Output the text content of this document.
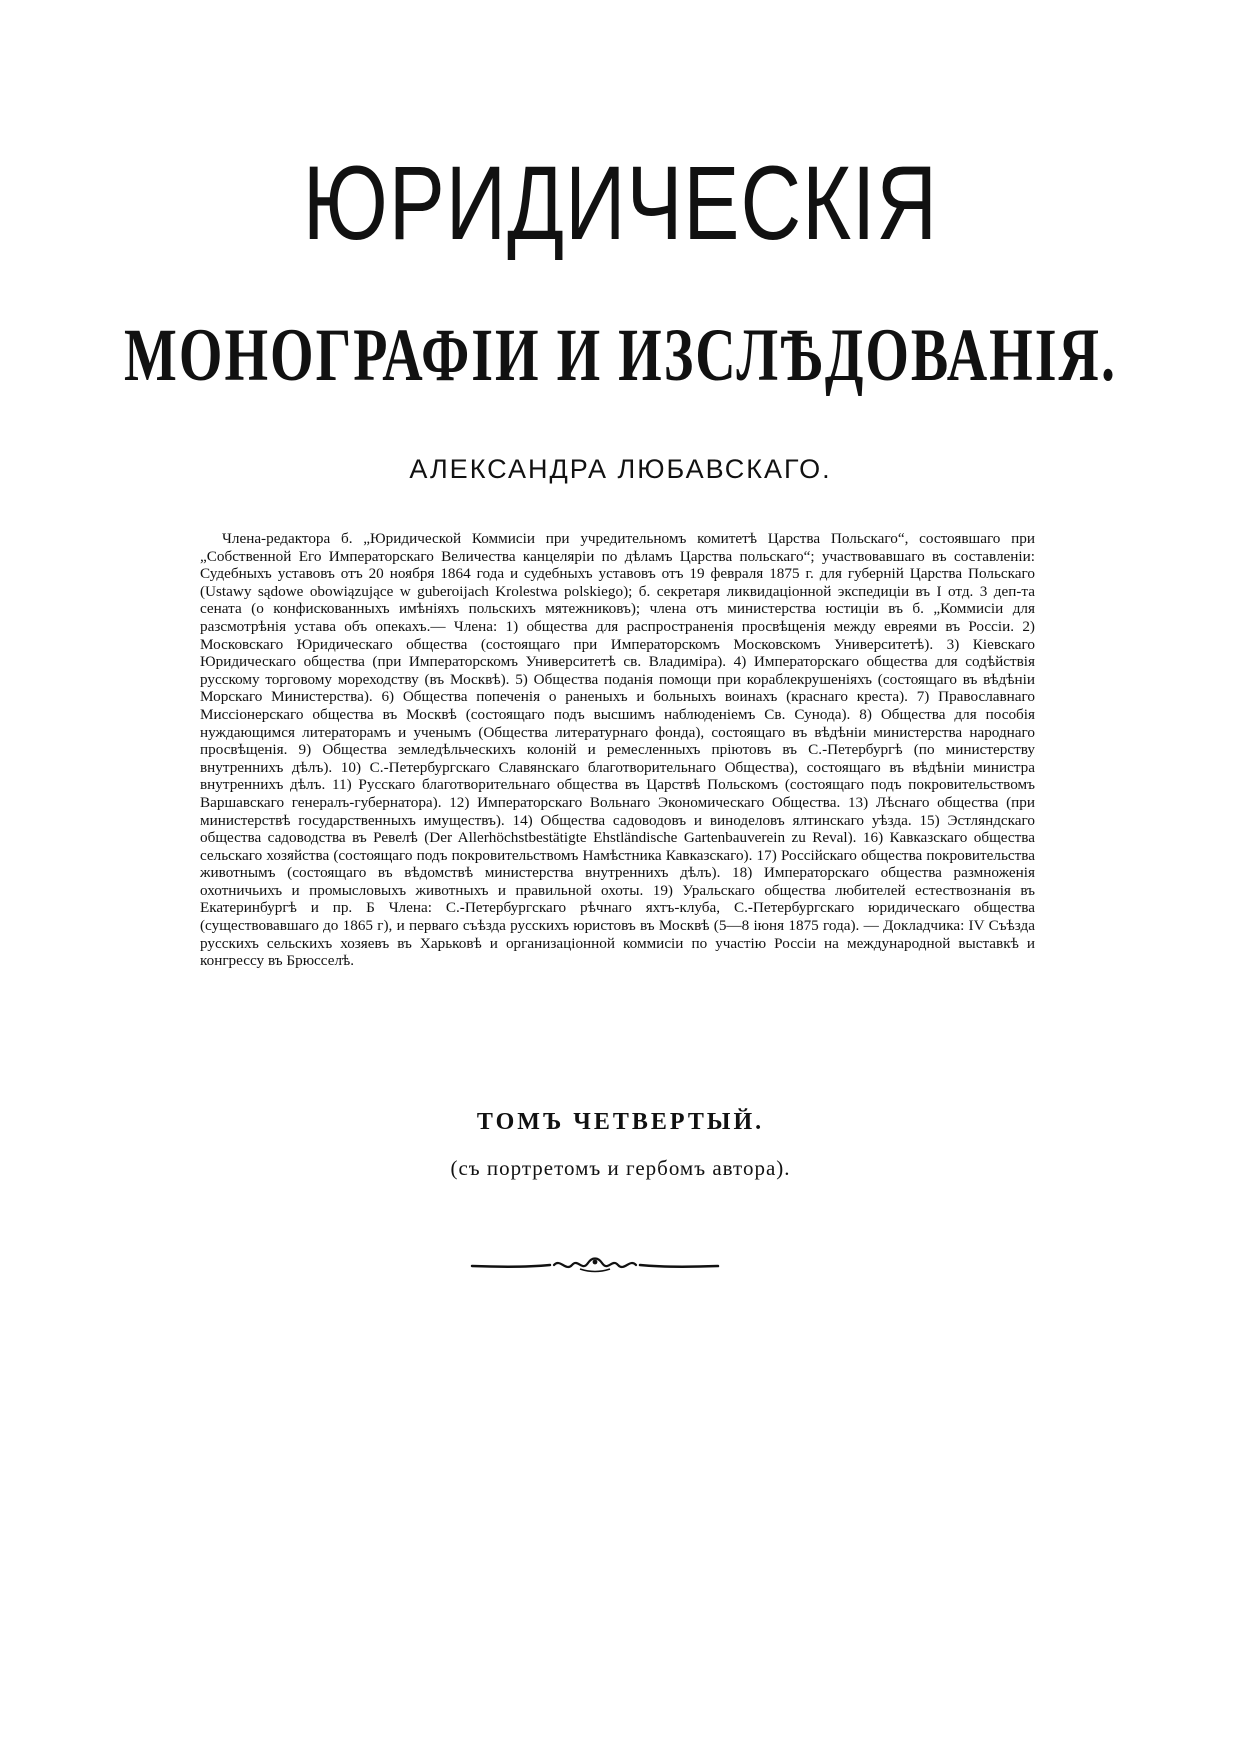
ЮРИДИЧЕСКІЯ
МОНОГРАФІИ И ИЗСЛѢДОВАНІЯ.
АЛЕКСАНДРА ЛЮБАВСКАГО.

Члена-редактора б. „Юридической Коммисіи при учредительномъ комитетѣ Царства Польскаго“, состоявшаго при „Собственной Его Императорскаго Величества канцеляріи по дѣламъ Царства польскаго“; участвовавшаго въ составленіи: Судебныхъ уставовъ отъ 20 ноября 1864 года и судебныхъ уставовъ отъ 19 февраля 1875 г. для губерній Царства Польскаго (Ustawy sądowe obowiązujące w guberoijach Krolestwa polskiego); б. секретаря ликвидаціонной экспедиціи въ I отд. 3 деп-та сената (о конфискованныхъ имѣніяхъ польскихъ мятежниковъ); члена отъ министерства юстиціи въ б. „Коммисіи для разсмотрѣнія устава объ опекахъ.— Члена: 1) общества для распространенія просвѣщенія между евреями въ Россіи. 2) Московскаго Юридическаго общества (состоящаго при Императорскомъ Московскомъ Университетѣ). 3) Кіевскаго Юридическаго общества (при Императорскомъ Университетѣ св. Владиміра). 4) Императорскаго общества для содѣйствія русскому торговому мореходству (въ Москвѣ). 5) Общества поданія помощи при кораблекрушеніяхъ (состоящаго въ вѣдѣніи Морскаго Министерства). 6) Общества попеченія о раненыхъ и больныхъ воинахъ (краснаго креста). 7) Православнаго Миссіонерскаго общества въ Москвѣ (состоящаго подъ высшимъ наблюденіемъ Св. Сунода). 8) Общества для пособія нуждающимся литераторамъ и ученымъ (Общества литературнаго фонда), состоящаго въ вѣдѣніи министерства народнаго просвѣщенія. 9) Общества земледѣльческихъ колоній и ремесленныхъ пріютовъ въ С.-Петербургѣ (по министерству внутреннихъ дѣлъ). 10) С.-Петербургскаго Славянскаго благотворительнаго Общества), состоящаго въ вѣдѣніи министра внутреннихъ дѣлъ. 11) Русскаго благотворительнаго общества въ Царствѣ Польскомъ (состоящаго подъ покровительствомъ Варшавскаго генералъ-губернатора). 12) Императорскаго Вольнаго Экономическаго Общества. 13) Лѣснаго общества (при министерствѣ государственныхъ имуществъ). 14) Общества садоводовъ и виноделовъ ялтинскаго уѣзда. 15) Эстляндскаго общества садоводства въ Ревелѣ (Der Allerhöchstbestätigte Ehstländische Gartenbauverein zu Reval). 16) Кавказскаго общества сельскаго хозяйства (состоящаго подъ покровительствомъ Намѣстника Кавказскаго). 17) Россійскаго общества покровительства животнымъ (состоящаго въ вѣдомствѣ министерства внутреннихъ дѣлъ). 18) Императорскаго общества размноженія охотничьихъ и промысловыхъ животныхъ и правильной охоты. 19) Уральскаго общества любителей естествознанія въ Екатеринбургѣ и пр. Б Члена: С.-Петербургскаго рѣчнаго яхтъ-клуба, С.-Петербургскаго юридическаго общества (существовавшаго до 1865 г), и перваго съѣзда русскихъ юристовъ въ Москвѣ (5—8 іюня 1875 года). — Докладчика: IV Съѣзда русскихъ сельскихъ хозяевъ въ Харьковѣ и организаціонной коммисіи по участію Россіи на международной выставкѣ и конгрессу въ Брюсселѣ.

ТОМЪ ЧЕТВЕРТЫЙ.
(съ портретомъ и гербомъ автора).
